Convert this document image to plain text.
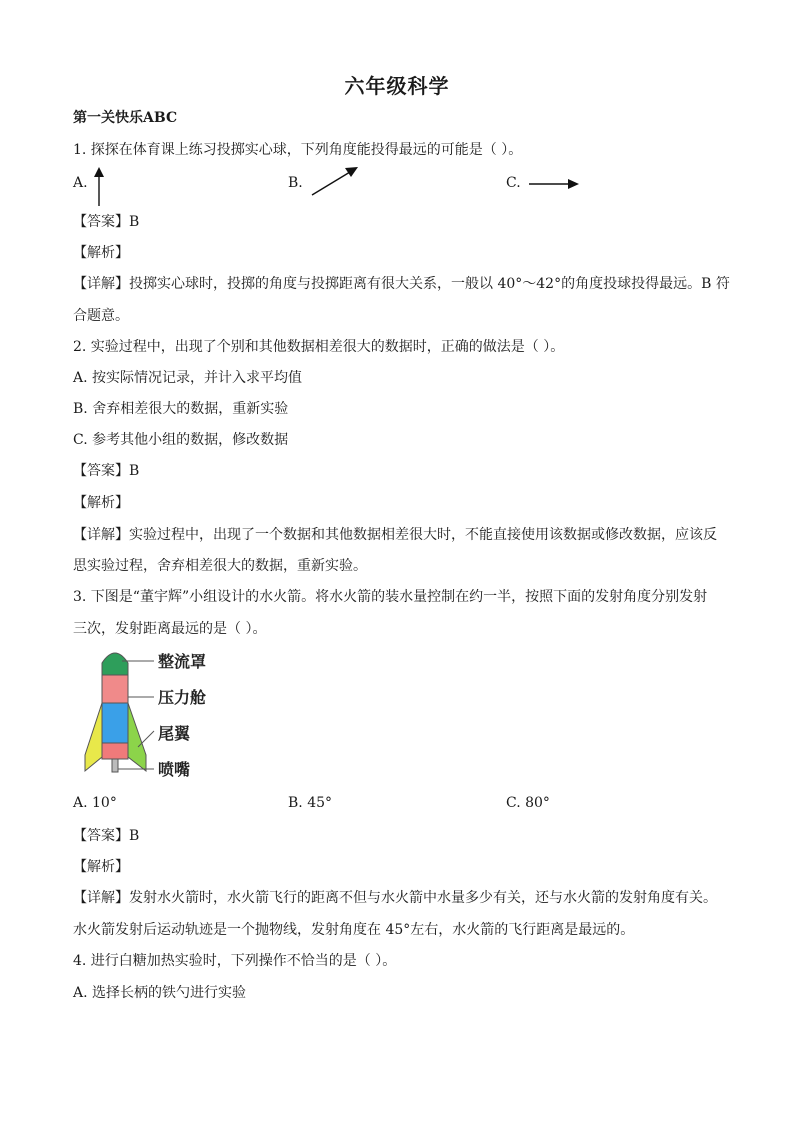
六年级科学
第一关快乐ABC
1. 探探在体育课上练习投掷实心球，下列角度能投得最远的可能是（ ）。
A.	B.	C.
【答案】B
【解析】
【详解】投掷实心球时，投掷的角度与投掷距离有很大关系，一般以 40°～42°的角度投球投得最远。B 符
合题意。
2. 实验过程中，出现了个别和其他数据相差很大的数据时，正确的做法是（ ）。
A. 按实际情况记录，并计入求平均值
B. 舍弃相差很大的数据，重新实验
C. 参考其他小组的数据，修改数据
【答案】B
【解析】
【详解】实验过程中，出现了一个数据和其他数据相差很大时，不能直接使用该数据或修改数据，应该反
思实验过程，舍弃相差很大的数据，重新实验。
3. 下图是“董宇辉”小组设计的水火箭。将水火箭的装水量控制在约一半，按照下面的发射角度分别发射
三次，发射距离最远的是（ ）。
整流罩
压力舱
尾翼
喷嘴
A. 10°	B. 45°	C. 80°
【答案】B
【解析】
【详解】发射水火箭时，水火箭飞行的距离不但与水火箭中水量多少有关，还与水火箭的发射角度有关。
水火箭发射后运动轨迹是一个抛物线，发射角度在 45°左右，水火箭的飞行距离是最远的。
4. 进行白糖加热实验时，下列操作不恰当的是（ ）。
A. 选择长柄的铁勺进行实验
